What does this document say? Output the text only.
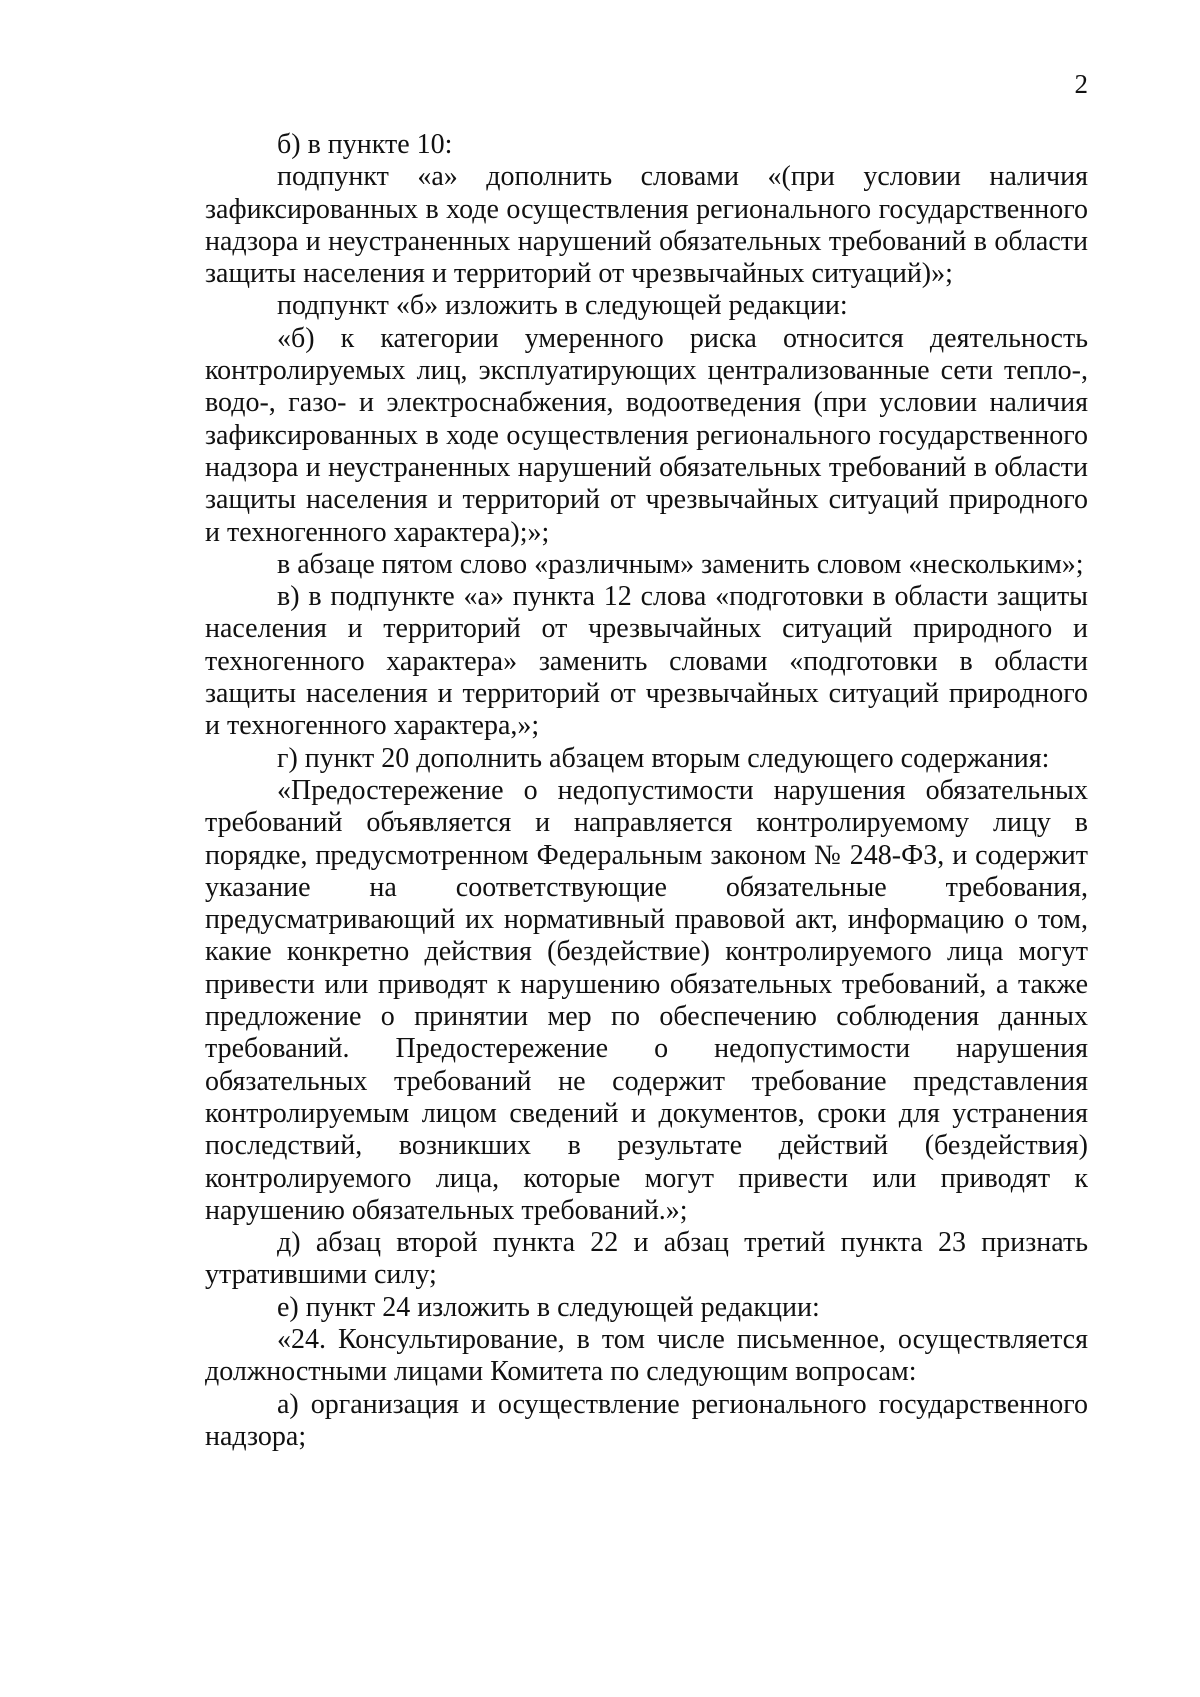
2

б) в пункте 10:

подпункт «а» дополнить словами «(при условии наличия зафиксированных в ходе осуществления регионального государственного надзора и неустраненных нарушений обязательных требований в области защиты населения и территорий от чрезвычайных ситуаций)»;

подпункт «б» изложить в следующей редакции:

«б) к категории умеренного риска относится деятельность контролируемых лиц, эксплуатирующих централизованные сети тепло-, водо-, газо- и электроснабжения, водоотведения (при условии наличия зафиксированных в ходе осуществления регионального государственного надзора и неустраненных нарушений обязательных требований в области защиты населения и территорий от чрезвычайных ситуаций природного и техногенного характера);»;

в абзаце пятом слово «различным» заменить словом «нескольким»;

в) в подпункте «а» пункта 12 слова «подготовки в области защиты населения и территорий от чрезвычайных ситуаций природного и техногенного характера» заменить словами «подготовки в области защиты населения и территорий от чрезвычайных ситуаций природного и техногенного характера,»;

г) пункт 20 дополнить абзацем вторым следующего содержания:

«Предостережение о недопустимости нарушения обязательных требований объявляется и направляется контролируемому лицу в порядке, предусмотренном Федеральным законом № 248-ФЗ, и содержит указание на соответствующие обязательные требования, предусматривающий их нормативный правовой акт, информацию о том, какие конкретно действия (бездействие) контролируемого лица могут привести или приводят к нарушению обязательных требований, а также предложение о принятии мер по обеспечению соблюдения данных требований. Предостережение о недопустимости нарушения обязательных требований не содержит требование представления контролируемым лицом сведений и документов, сроки для устранения последствий, возникших в результате действий (бездействия) контролируемого лица, которые могут привести или приводят к нарушению обязательных требований.»;

д) абзац второй пункта 22 и абзац третий пункта 23 признать утратившими силу;

е) пункт 24 изложить в следующей редакции:

«24. Консультирование, в том числе письменное, осуществляется должностными лицами Комитета по следующим вопросам:

а) организация и осуществление регионального государственного надзора;
